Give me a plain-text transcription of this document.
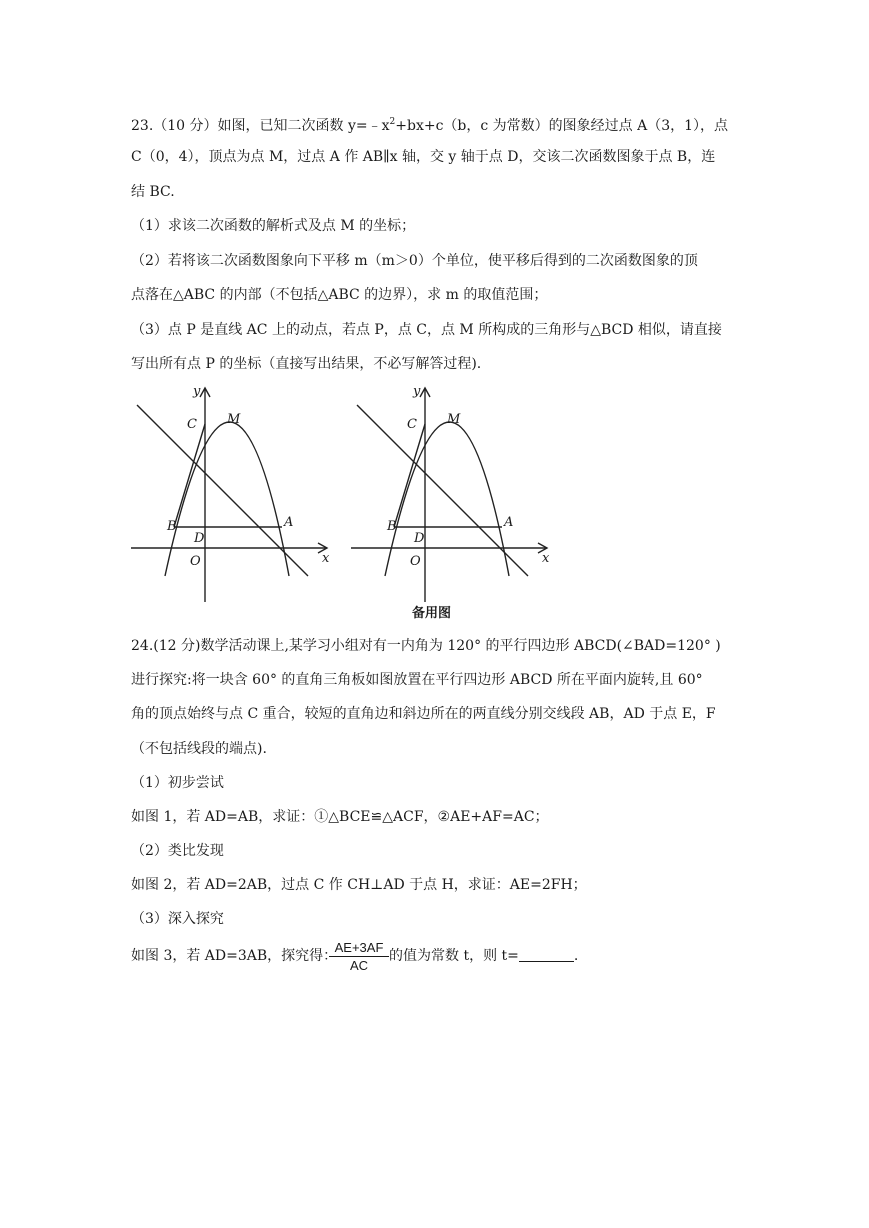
23.（10 分）如图，已知二次函数 $y=﹣x^2+bx+c(b$，c 为常数）的图象经过点 A（3，1），点
C（0，4），顶点为点 M，过点 A 作 AB∥x 轴，交 y 轴于点 D，交该二次函数图象于点 B，连
结 BC.
（1）求该二次函数的解析式及点 M 的坐标；
（2）若将该二次函数图象向下平移 m（m＞0）个单位，使平移后得到的二次函数图象的顶
点落在△ABC 的内部（不包括△ABC 的边界），求 m 的取值范围；
（3）点 P 是直线 AC 上的动点，若点 P，点 C，点 M 所构成的三角形与△BCD 相似，请直接
写出所有点 P 的坐标（直接写出结果，不必写解答过程).
y
M
C
B
D
A
O	x
y
M
C
B
D
A
O	x
备用图
24.(12 分)数学活动课上,某学习小组对有一内角为 120° 的平行四边形 ABCD(∠BAD=120° )
进行探究:将一块含 60° 的直角三角板如图放置在平行四边形 ABCD 所在平面内旋转,且 60°
角的顶点始终与点 C 重合，较短的直角边和斜边所在的两直线分别交线段 AB，AD 于点 E，F
（不包括线段的端点).
（1）初步尝试
如图 1，若 AD=AB，求证：①△BCE≌△ACF，②AE+AF=AC；
（2）类比发现
如图 2，若 AD=2AB，过点 C 作 CH⊥AD 于点 H，求证：AE=2FH；
（3）深入探究
如图 3，若 AD=3AB，探究得：
$\frac{AE+3AF}{AC}$ 的值为常数 t，则 t=	.
